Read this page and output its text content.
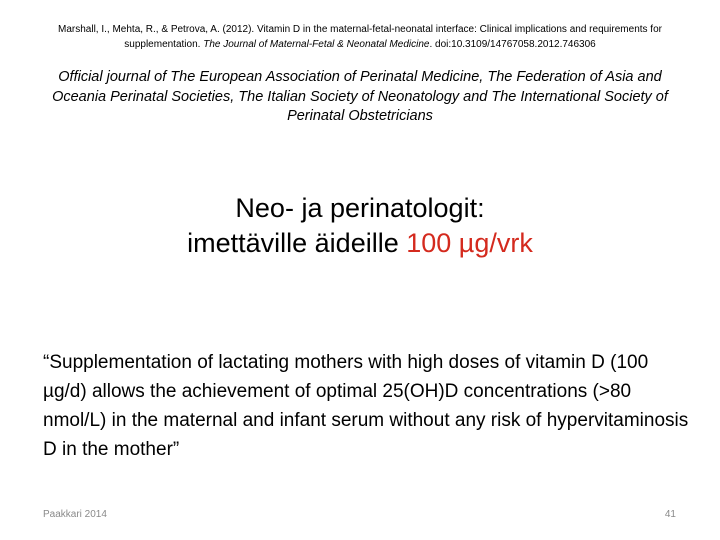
Marshall, I., Mehta, R., & Petrova, A. (2012). Vitamin D in the maternal-fetal-neonatal interface: Clinical implications and requirements for supplementation. The Journal of Maternal-Fetal & Neonatal Medicine. doi:10.3109/14767058.2012.746306
Official journal of The European Association of Perinatal Medicine, The Federation of Asia and Oceania Perinatal Societies, The Italian Society of Neonatology and The International Society of Perinatal Obstetricians
Neo- ja perinatologit:
imettäville äideille 100 µg/vrk
“Supplementation of lactating mothers with high doses of vitamin D (100 µg/d) allows the achievement of optimal 25(OH)D concentrations (>80 nmol/L) in the maternal and infant serum without any risk of hypervitaminosis D in the mother”
Paakkari 2014	41
